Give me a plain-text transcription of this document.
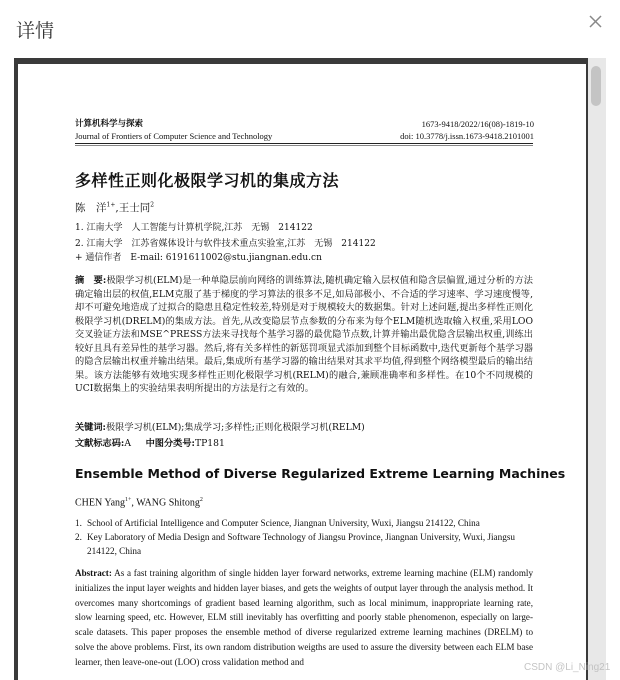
详情
计算机科学与探索
Journal of Frontiers of Computer Science and Technology
1673-9418/2022/16(08)-1819-10
doi: 10.3778/j.issn.1673-9418.2101001
多样性正则化极限学习机的集成方法
陈　洋$^{1+}$,王士同$^2$
1. 江南大学　人工智能与计算机学院,江苏　无锡　214122
2. 江南大学　江苏省媒体设计与软件技术重点实验室,江苏　无锡　214122
+ 通信作者　E-mail: 6191611002@stu.jiangnan.edu.cn
摘　要:极限学习机(ELM)是一种单隐层前向网络的训练算法,随机确定输入层权值和隐含层偏置,通过分析的方法确定输出层的权值,ELM克服了基于梯度的学习算法的很多不足,如局部极小、不合适的学习速率、学习速度慢等,却不可避免地造成了过拟合的隐患且稳定性较差,特别是对于规模较大的数据集。针对上述问题,提出多样性正则化极限学习机(DRELM)的集成方法。首先,从改变隐层节点参数的分布来为每个ELM随机选取输入权重,采用LOO交叉验证方法和MSE^PRESS方法来寻找每个基学习器的最优隐节点数,计算并输出最优隐含层输出权重,训练出较好且具有差异性的基学习器。然后,将有关多样性的新惩罚项显式添加到整个目标函数中,迭代更新每个基学习器的隐含层输出权重并输出结果。最后,集成所有基学习器的输出结果对其求平均值,得到整个网络模型最后的输出结果。该方法能够有效地实现多样性正则化极限学习机(RELM)的融合,兼顾准确率和多样性。在10个不同规模的UCI数据集上的实验结果表明所提出的方法是行之有效的。
关键词:极限学习机(ELM);集成学习;多样性;正则化极限学习机(RELM)
文献标志码:A 中图分类号:TP181
Ensemble Method of Diverse Regularized Extreme Learning Machines
CHEN Yang$^{1+}$, WANG Shitong$^2$
1. School of Artificial Intelligence and Computer Science, Jiangnan University, Wuxi, Jiangsu 214122, China
2. Key Laboratory of Media Design and Software Technology of Jiangsu Province, Jiangnan University, Wuxi, Jiangsu 214122, China
Abstract: As a fast training algorithm of single hidden layer forward networks, extreme learning machine (ELM) randomly initializes the input layer weights and hidden layer biases, and gets the weights of output layer through the analysis method. It overcomes many shortcomings of gradient based learning algorithm, such as local minimum, inappropriate learning rate, slow learning speed, etc. However, ELM still inevitably has overfitting and poorly stable phenomenon, especially on large-scale datasets. This paper proposes the ensemble method of diverse regularized extreme learning machines (DRELM) to solve the above problems. First, its own random distribution weigths are used to assure the diversity between each ELM base learner, then leave-one-out (LOO) cross validation method and
CSDN @Li_Ning21
